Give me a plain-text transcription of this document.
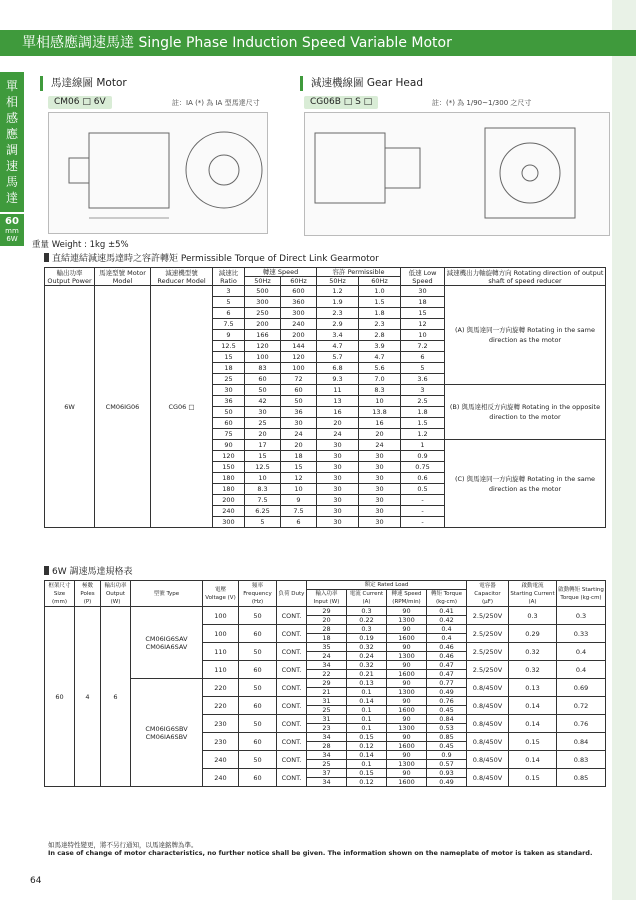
單相感應調速馬達 Single Phase Induction Speed Variable Motor
單
相
感
應
調
速
馬
達
60
mm
6W
馬達線圖 Motor
CM06 □ 6V	註：IA (*) 為 IA 型馬達尺寸
減速機線圖 Gear Head
CG06B □ S □	註：(*) 為 1/90~1/300 之尺寸
重量 Weight : 1kg ±5%
直結連結減速馬達時之容許轉矩 Permissible Torque of Direct Link Gearmotor
輸出功率 Output Power	馬達型號 Motor Model	減速機型號 Reducer Model	減速比 Ratio	轉速 Speed		容許 Permissible		低速 Low Speed	減速機出力軸旋轉方向 Rotating direction of output shaft of speed reducer
				50Hz	60Hz	50Hz	60Hz		
6W	CM06IG06	CG06 □	3	500	600	1.2	1.0	30	(A) 與馬達同一方向旋轉 Rotating in the same direction as the motor
			5	300	360	1.9	1.5	18	
			6	250	300	2.3	1.8	15	
			7.5	200	240	2.9	2.3	12	
			9	166	200	3.4	2.8	10	
			12.5	120	144	4.7	3.9	7.2	
			15	100	120	5.7	4.7	6	
			18	83	100	6.8	5.6	5	
			25	60	72	9.3	7.0	3.6	
			30	50	60	11	8.3	3	(B) 與馬達相反方向旋轉 Rotating in the opposite direction to the motor
			36	42	50	13	10	2.5	
			50	30	36	16	13.8	1.8	
			60	25	30	20	16	1.5	
			75	20	24	24	20	1.2	
			90	17	20	30	24	1	(C) 與馬達同一方向旋轉 Rotating in the same direction as the motor
			120	15	18	30	30	0.9	
			150	12.5	15	30	30	0.75	
			180	10	12	30	30	0.6	
			180	8.3	10	30	30	0.5	
			200	7.5	9	30	30	-	
			240	6.25	7.5	30	30	-	
			300	5	6	30	30	-	
6W 調速馬達規格表
框架尺寸 Size (mm)	極數 Poles (P)	輸出功率 Output (W)	型號 Type	電壓 Voltage (V)	頻率 Frequency (Hz)	負荷 Duty	額定 Rated Load				電容器 Capacitor (μF)	啟動電流 Starting Current (A)	啟動轉矩 Starting Torque (kg·cm)
							輸入功率 Input (W)	電流 Current (A)	轉速 Speed (RPM/min)	轉矩 Torque (kg·cm)			
60	4	6	CM06IG6SAV CM06IA6SAV	100	50	CONT.	29	0.3	90	0.41	2.5/250V	0.3	0.3
							20	0.22	1300	0.42			
				100	60	CONT.	28	0.3	90	0.4	2.5/250V	0.29	0.33
							18	0.19	1600	0.4			
				110	50	CONT.	35	0.32	90	0.46	2.5/250V	0.32	0.4
							24	0.24	1300	0.46			
				110	60	CONT.	34	0.32	90	0.47	2.5/250V	0.32	0.4
							22	0.21	1600	0.47			
			CM06IG6SBV CM06IA6SBV	220	50	CONT.	29	0.13	90	0.77	0.8/450V	0.13	0.69
							21	0.1	1300	0.49			
				220	60	CONT.	31	0.14	90	0.76	0.8/450V	0.14	0.72
							25	0.1	1600	0.45			
				230	50	CONT.	31	0.1	90	0.84	0.8/450V	0.14	0.76
							23	0.1	1300	0.53			
				230	60	CONT.	34	0.15	90	0.85	0.8/450V	0.15	0.84
							28	0.12	1600	0.45			
				240	50	CONT.	34	0.14	90	0.9	0.8/450V	0.14	0.83
							25	0.1	1300	0.57			
				240	60	CONT.	37	0.15	90	0.93	0.8/450V	0.15	0.85
							34	0.12	1600	0.49			
如馬達特性變更，將不另行通知，以馬達銘牌為準。
In case of change of motor characteristics, no further notice shall be given. The information shown on the nameplate of motor is taken as standard.
64
